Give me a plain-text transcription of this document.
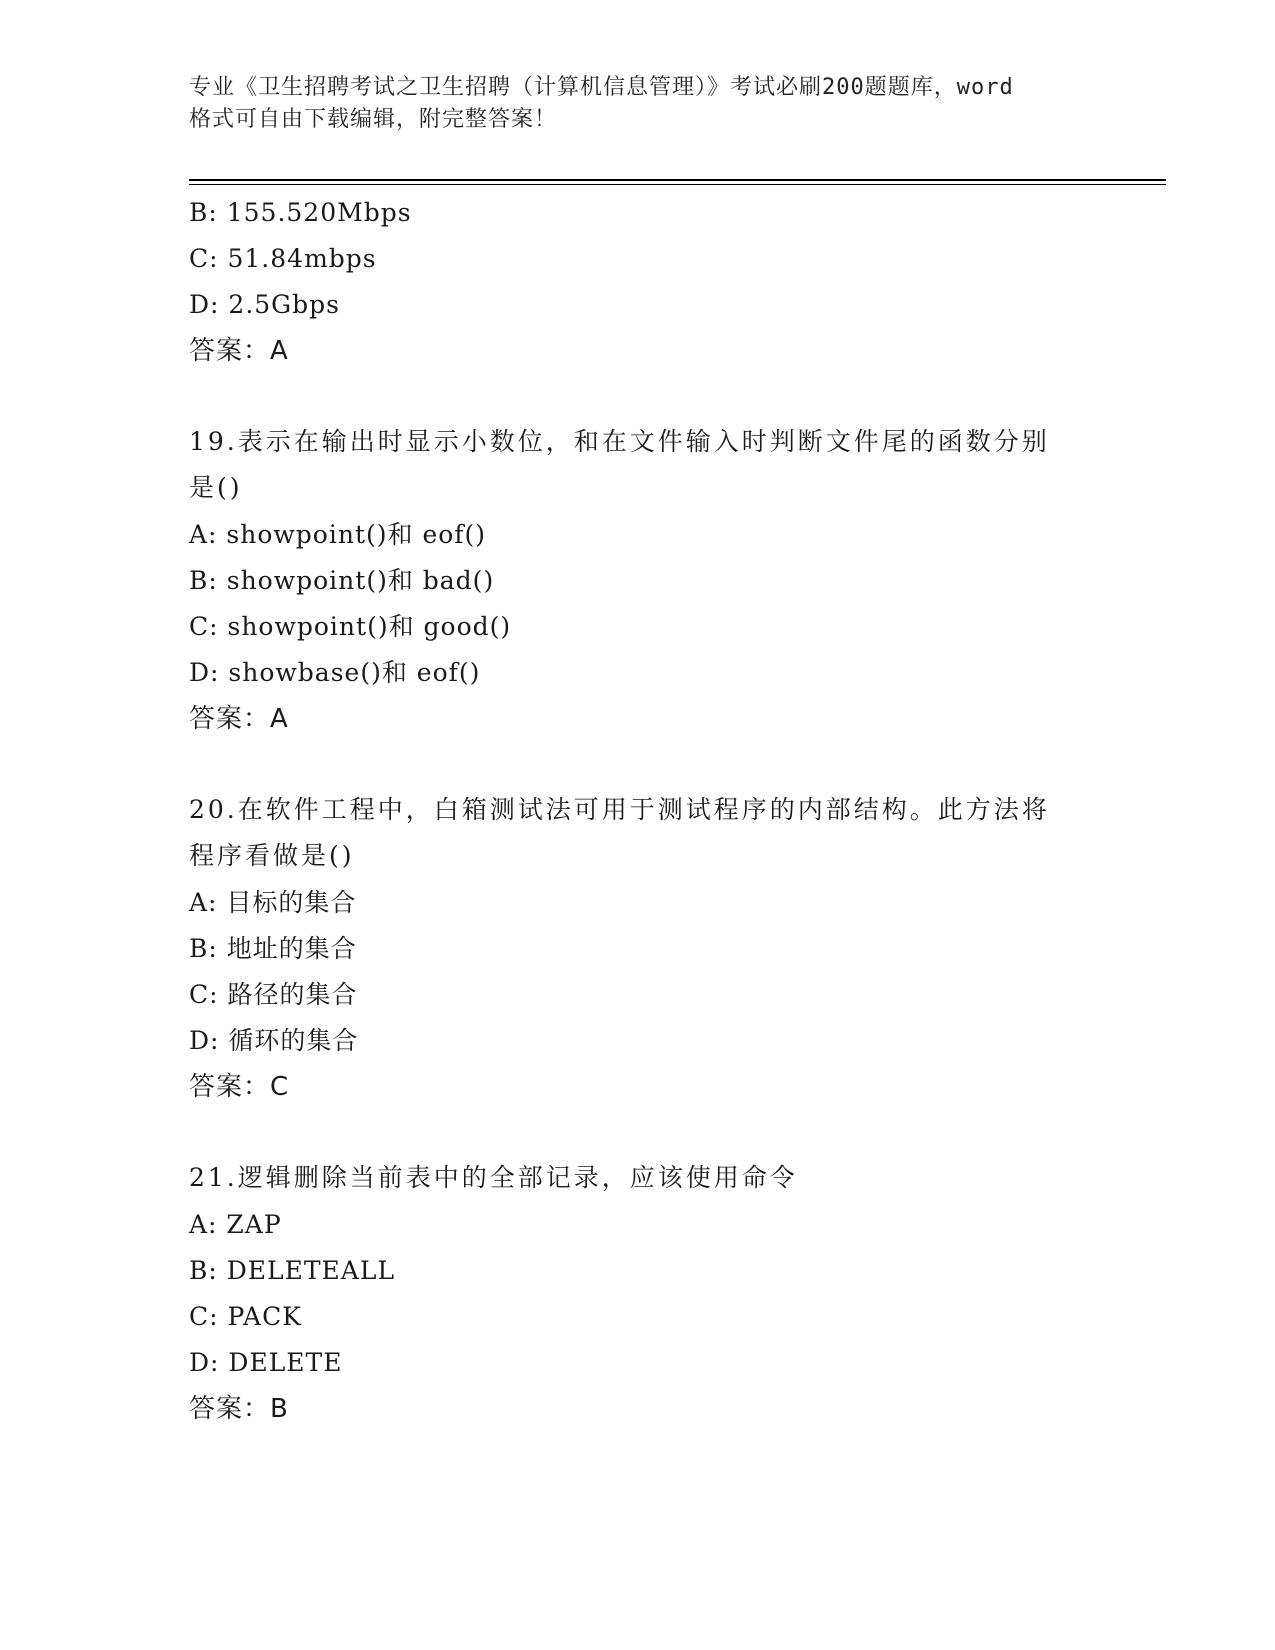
专业《卫生招聘考试之卫生招聘（计算机信息管理）》考试必刷200题题库，word
格式可自由下载编辑，附完整答案！
B: 155.520Mbps
C: 51.84mbps
D: 2.5Gbps
答案：A
19.表示在输出时显示小数位，和在文件输入时判断文件尾的函数分别
是()
A: showpoint()和 eof()
B: showpoint()和 bad()
C: showpoint()和 good()
D: showbase()和 eof()
答案：A
20.在软件工程中，白箱测试法可用于测试程序的内部结构。此方法将
程序看做是()
A: 目标的集合
B: 地址的集合
C: 路径的集合
D: 循环的集合
答案：C
21.逻辑删除当前表中的全部记录，应该使用命令
A: ZAP
B: DELETEALL
C: PACK
D: DELETE
答案：B
